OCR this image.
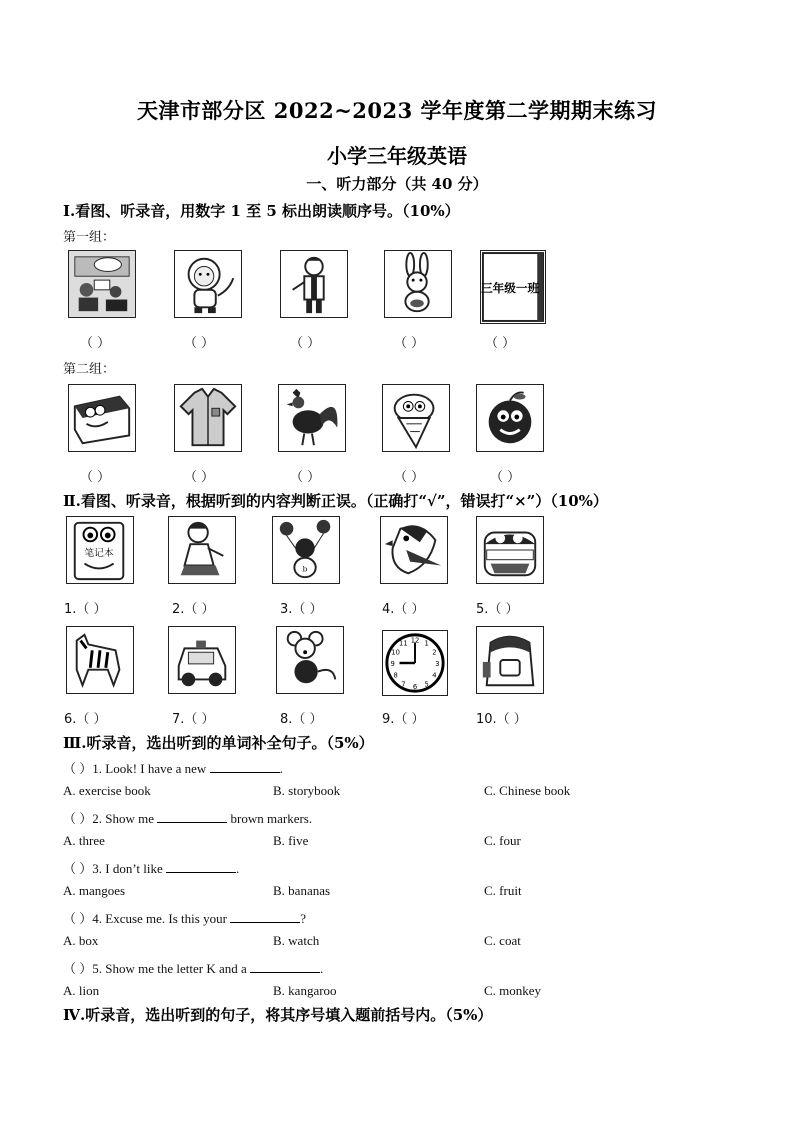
天津市部分区 2022~2023 学年度第二学期期末练习
小学三年级英语
一、听力部分（共 40 分）
Ⅰ.看图、听录音，用数字 1 至 5 标出朗读顺序号。（10%）
第一组：
三年级一班
（ ）	（ ）	（ ）	（ ）	（ ）
第二组：
（ ）	（ ）	（ ）	（ ）	（ ）
Ⅱ.看图、听录音，根据听到的内容判断正误。（正确打“√”，错误打“×”）（10%）
笔记本
b
1.（ ）	2.（ ）	3.（ ）	4.（ ）	5.（ ）
12 1
2
3
4
5
6
7
8
9
10
11
6.（ ）	7.（ ）	8.（ ）	9.（ ）	10.（ ）
Ⅲ.听录音，选出听到的单词补全句子。（5%）
（ ）1. Look! I have a new	.
A. exercise book	B. storybook	C. Chinese book
（ ）2. Show me	brown markers.
A. three	B. five	C. four
（ ）3. I don’t like	.
A. mangoes	B. bananas	C. fruit
（ ）4. Excuse me. Is this your	?
A. box	B. watch	C. coat
（ ）5. Show me the letter K and a	.
A. lion	B. kangaroo	C. monkey
Ⅳ.听录音，选出听到的句子，将其序号填入题前括号内。（5%）
